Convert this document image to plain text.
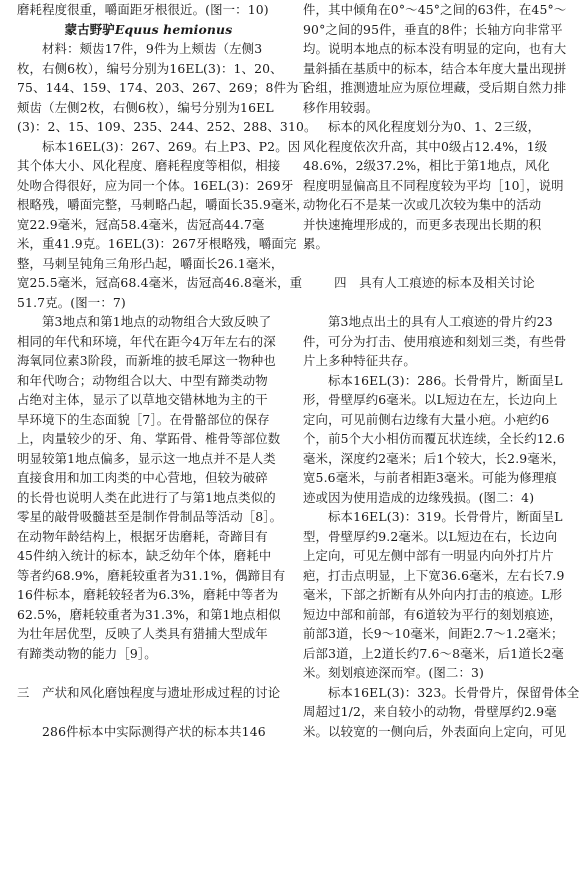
磨耗程度很重，嚼面距牙根很近。(图一：10)
蒙古野驴Equus hemionus
材料：颊齿17件，9件为上颊齿（左侧3
枚，右侧6枚），编号分别为16EL(3)：1、20、
75、144、159、174、203、267、269；8件为下
颊齿（左侧2枚，右侧6枚），编号分别为16EL
(3)：2、15、109、235、244、252、288、310。
标本16EL(3)：267、269。右上P3、P2。因
其个体大小、风化程度、磨耗程度等相似，相接
处吻合得很好，应为同一个体。16EL(3)：269牙
根略残，嚼面完整，马刺略凸起，嚼面长35.9毫米，
宽22.9毫米，冠高58.4毫米，齿冠高44.7毫
米，重41.9克。16EL(3)：267牙根略残，嚼面完
整，马刺呈钝角三角形凸起，嚼面长26.1毫米，
宽25.5毫米，冠高68.4毫米，齿冠高46.8毫米，重
51.7克。(图一：7)
第3地点和第1地点的动物组合大致反映了
相同的年代和环境，年代在距今4万年左右的深
海氧同位素3阶段，而新堆的披毛犀这一物种也
和年代吻合；动物组合以大、中型有蹄类动物
占绝对主体，显示了以草地交错林地为主的干
旱环境下的生态面貌［7］。在骨骼部位的保存
上，肉量较少的牙、角、掌跖骨、椎骨等部位数
明显较第1地点偏多，显示这一地点并不是人类
直接食用和加工肉类的中心营地，但较为破碎
的长骨也说明人类在此进行了与第1地点类似的
零星的敲骨吸髓甚至是制作骨制品等活动［8］。
在动物年龄结构上，根据牙齿磨耗，奇蹄目有
45件纳入统计的标本，缺乏幼年个体，磨耗中
等者约68.9%，磨耗较重者为31.1%，偶蹄目有
16件标本，磨耗较轻者为6.3%，磨耗中等者为
62.5%，磨耗较重者为31.3%，和第1地点相似
为壮年居优型，反映了人类具有猎捕大型成年
有蹄类动物的能力［9］。
三　产状和风化磨蚀程度与遗址形成过程的讨论
286件标本中实际测得产状的标本共146
件，其中倾角在0°～45°之间的63件，在45°～
90°之间的95件，垂直的8件；长轴方向非常平
均。说明本地点的标本没有明显的定向，也有大
量斜插在基质中的标本，结合本年度大量出现拼
合组，推测遗址应为原位埋藏，受后期自然力排
移作用较弱。
标本的风化程度划分为0、1、2三级，
风化程度依次升高，其中0级占12.4%，1级
48.6%，2级37.2%，相比于第1地点，风化
程度明显偏高且不同程度较为平均［10］，说明
动物化石不是某一次或几次较为集中的活动
并快速掩埋形成的，而更多表现出长期的积
累。
四　具有人工痕迹的标本及相关讨论
第3地点出土的具有人工痕迹的骨片约23
件，可分为打击、使用痕迹和刻划三类，有些骨
片上多种特征共存。
标本16EL(3)：286。长骨骨片，断面呈L
形，骨壁厚约6毫米。以L短边在左，长边向上
定向，可见前侧右边缘有大量小疤。小疤约6
个，前5个大小相仿而覆瓦状连续，全长约12.6
毫米，深度约2毫米；后1个较大，长2.9毫米，
宽5.6毫米，与前者相距3毫米。可能为修理痕
迹或因为使用造成的边缘残损。(图二：4)
标本16EL(3)：319。长骨骨片，断面呈L
型，骨壁厚约9.2毫米。以L短边在右，长边向
上定向，可见左侧中部有一明显内向外打片片
疤，打击点明显，上下宽36.6毫米，左右长7.9
毫米，下部之折断有从外向内打击的痕迹。L形
短边中部和前部，有6道较为平行的刻划痕迹，
前部3道，长9～10毫米，间距2.7～1.2毫米；
后部3道，上2道长约7.6～8毫米，后1道长2毫
米。刻划痕迹深而窄。(图二：3)
标本16EL(3)：323。长骨骨片，保留骨体全
周超过1/2，来自较小的动物，骨壁厚约2.9毫
米。以较宽的一侧向后，外表面向上定向，可见
